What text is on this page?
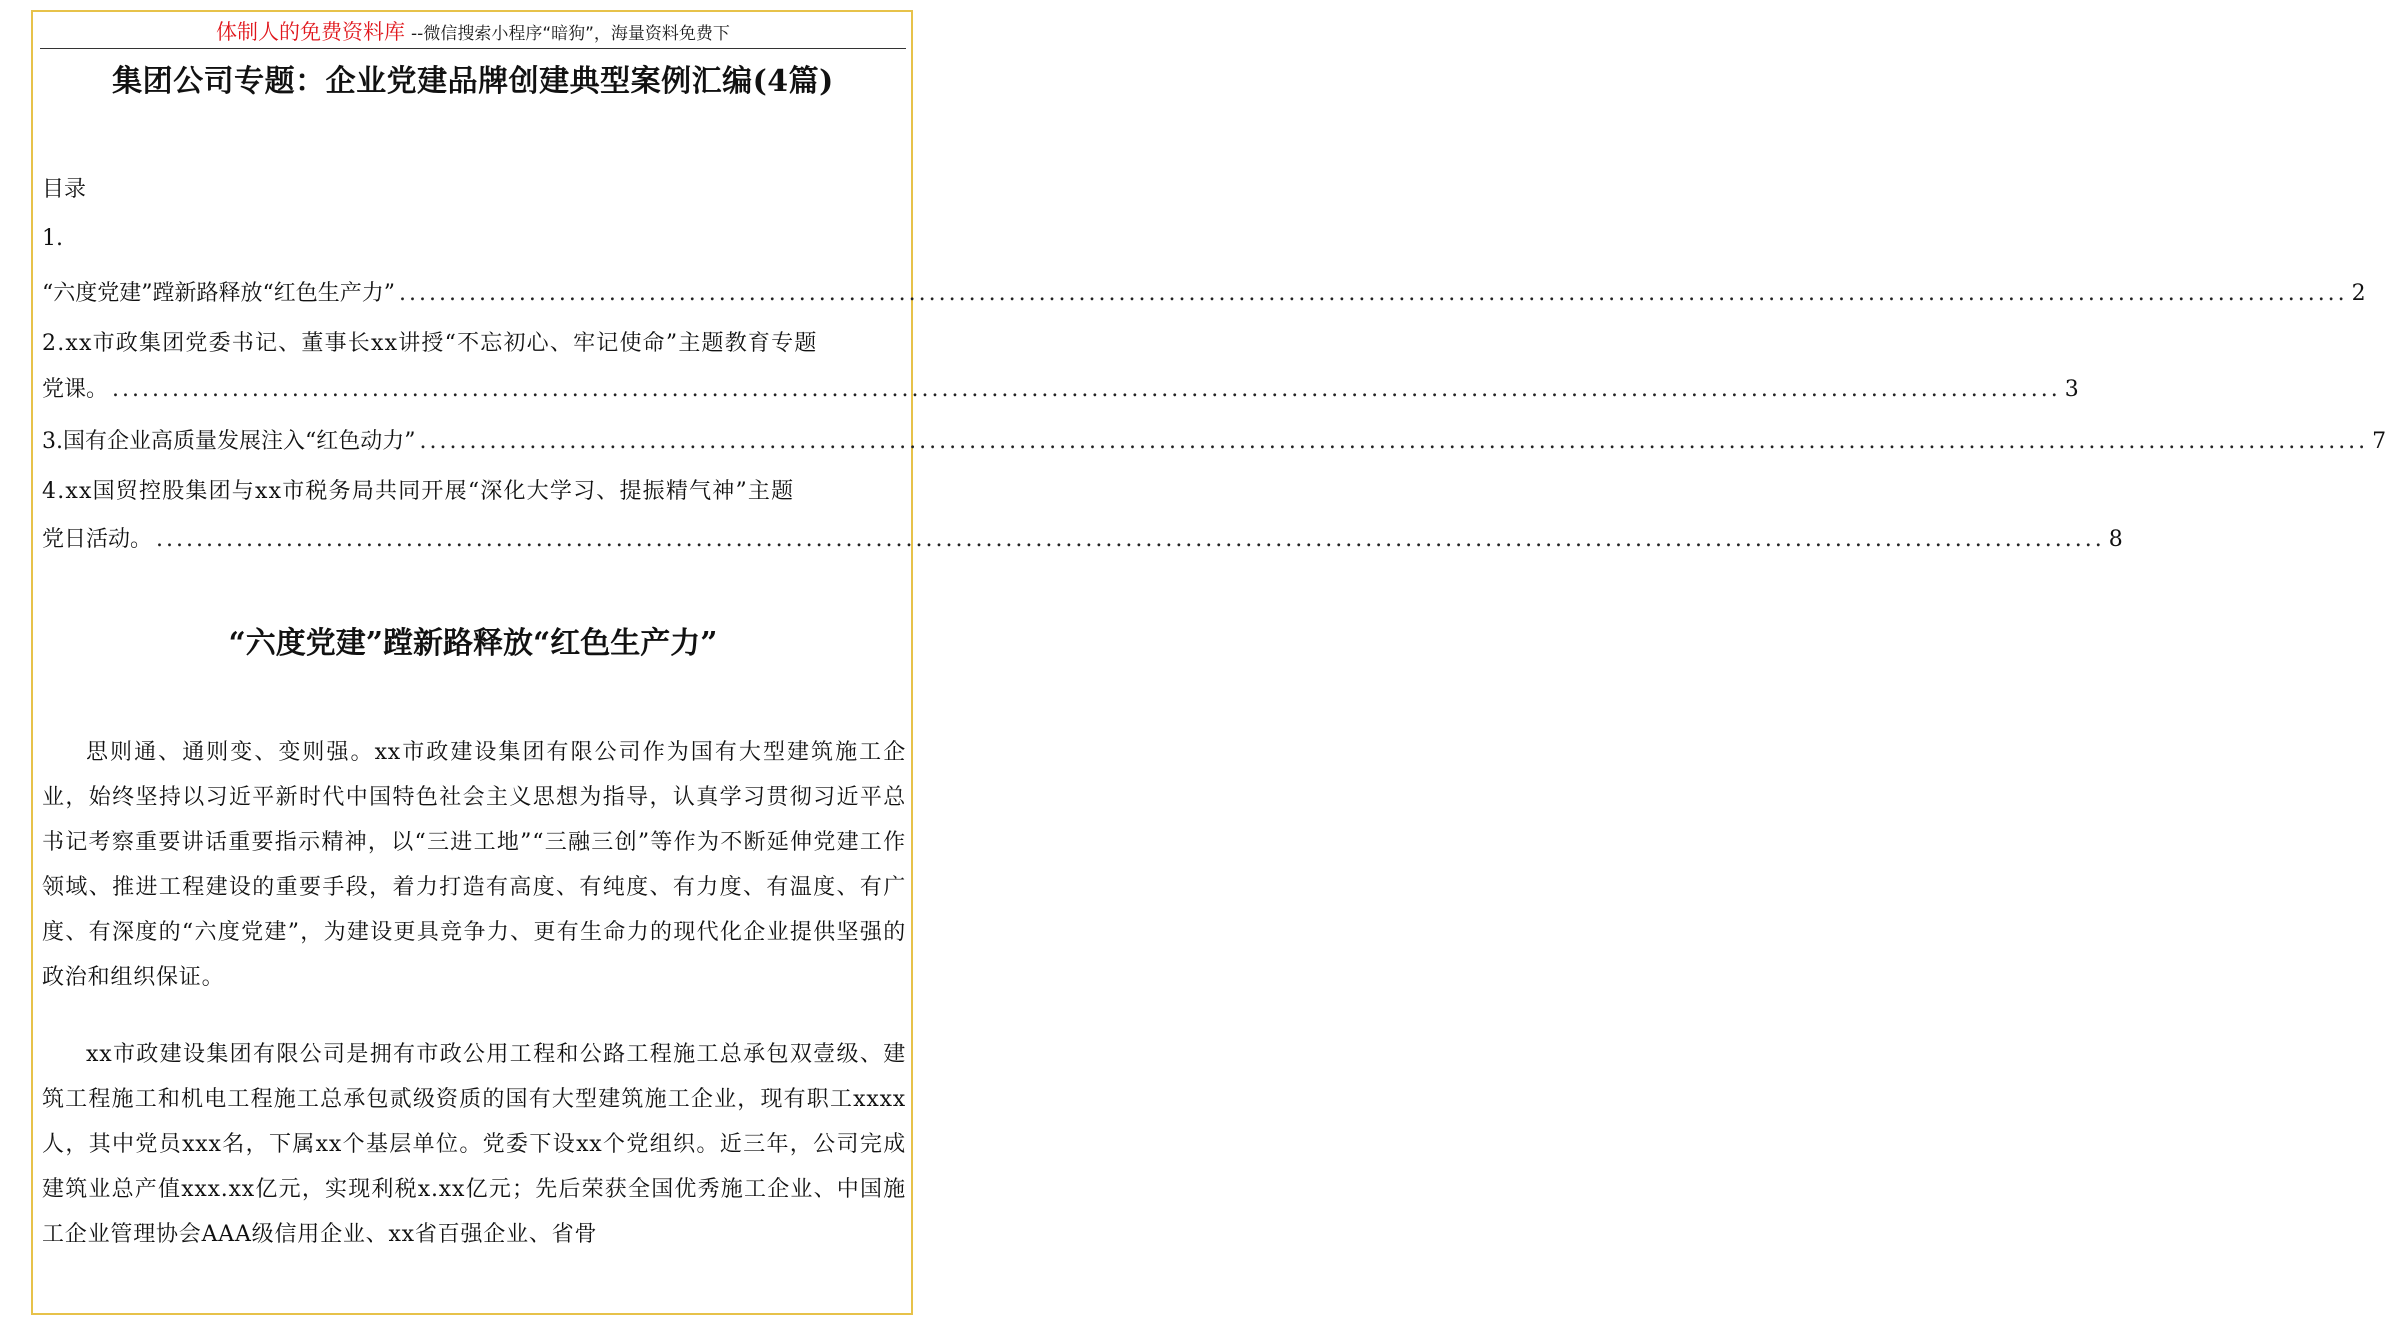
体制人的免费资料库 --微信搜索小程序“暗狗”，海量资料免费下
集团公司专题：企业党建品牌创建典型案例汇编(4篇)
目录
1.
“六度党建”蹚新路释放“红色生产力” ................................................................................................................................................................................................... 2
2.xx市政集团党委书记、董事长xx讲授“不忘初心、牢记使命”主题教育专题
党课。 ................................................................................................................................................................................................... 3
3.国有企业高质量发展注入“红色动力” ................................................................................................................................................................................................... 7
4.xx国贸控股集团与xx市税务局共同开展“深化大学习、提振精气神”主题
党日活动。 ................................................................................................................................................................................................... 8
“六度党建”蹚新路释放“红色生产力”
思则通、通则变、变则强。xx市政建设集团有限公司作为国有大型建筑施工企业，始终坚持以习近平新时代中国特色社会主义思想为指导，认真学习贯彻习近平总书记考察重要讲话重要指示精神，以“三进工地”“三融三创”等作为不断延伸党建工作领域、推进工程建设的重要手段，着力打造有高度、有纯度、有力度、有温度、有广度、有深度的“六度党建”，为建设更具竞争力、更有生命力的现代化企业提供坚强的政治和组织保证。
xx市政建设集团有限公司是拥有市政公用工程和公路工程施工总承包双壹级、建筑工程施工和机电工程施工总承包贰级资质的国有大型建筑施工企业，现有职工xxxx人，其中党员xxx名，下属xx个基层单位。党委下设xx个党组织。近三年，公司完成建筑业总产值xxx.xx亿元，实现利税x.xx亿元；先后荣获全国优秀施工企业、中国施工企业管理协会AAA级信用企业、xx省百强企业、省骨
